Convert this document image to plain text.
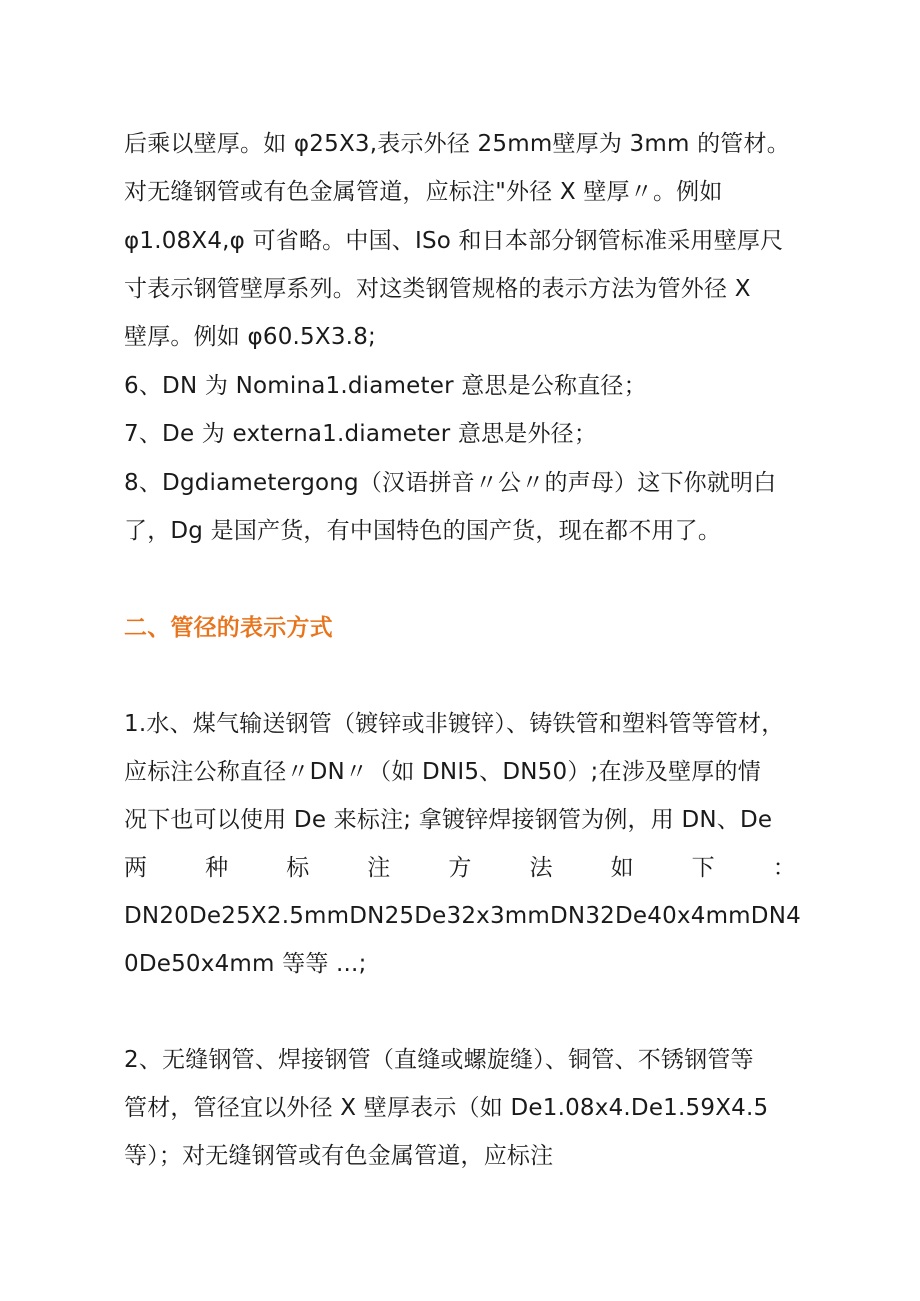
后乘以壁厚。如 φ25X3,表示外径 25mm壁厚为 3mm 的管材。
对无缝钢管或有色金属管道，应标注"外径 X 壁厚〃。例如
φ1.08X4,φ 可省略。中国、ISo 和日本部分钢管标准采用壁厚尺
寸表示钢管壁厚系列。对这类钢管规格的表示方法为管外径 X
壁厚。例如 φ60.5X3.8;
6、DN 为 Nomina1.diameter 意思是公称直径；
7、De 为 externa1.diameter 意思是外径；
8、Dgdiametergong（汉语拼音〃公〃的声母）这下你就明白
了，Dg 是国产货，有中国特色的国产货，现在都不用了。
二、管径的表示方式
1.水、煤气输送钢管（镀锌或非镀锌）、铸铁管和塑料管等管材，
应标注公称直径〃DN〃（如 DNI5、DN50）;在涉及壁厚的情
况下也可以使用 De 来标注; 拿镀锌焊接钢管为例，用 DN、De
两	种	标	注	方	法	如	下	：
DN20De25X2.5mmDN25De32x3mmDN32De40x4mmDN4
0De50x4mm 等等 ...;
2、无缝钢管、焊接钢管（直缝或螺旋缝）、铜管、不锈钢管等
管材，管径宜以外径 X 壁厚表示（如 De1.08x4.De1.59X4.5
等）；对无缝钢管或有色金属管道，应标注
